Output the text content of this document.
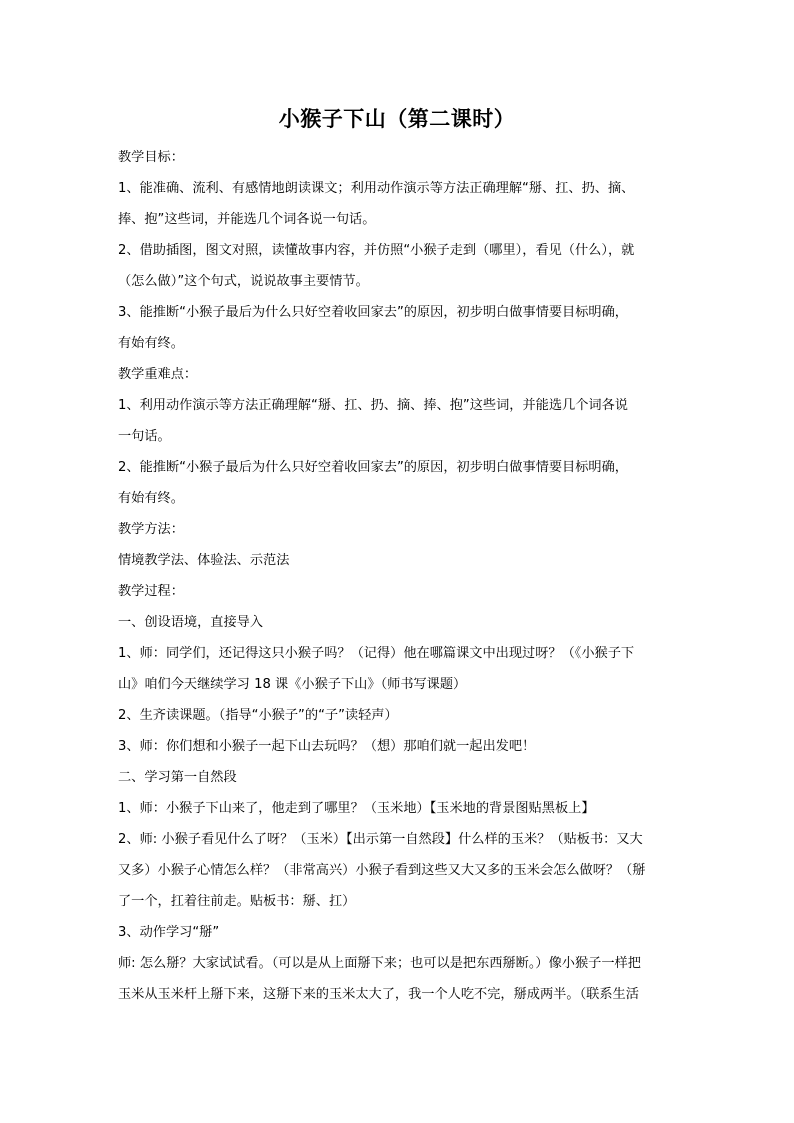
小猴子下山（第二课时）
教学目标：
1、能准确、流利、有感情地朗读课文；利用动作演示等方法正确理解“掰、扛、扔、摘、
捧、抱”这些词，并能选几个词各说一句话。
2、借助插图，图文对照，读懂故事内容，并仿照“小猴子走到（哪里），看见（什么），就
（怎么做）”这个句式，说说故事主要情节。
3、能推断“小猴子最后为什么只好空着收回家去”的原因，初步明白做事情要目标明确，
有始有终。
教学重难点：
1、利用动作演示等方法正确理解“掰、扛、扔、摘、捧、抱”这些词，并能选几个词各说
一句话。
2、能推断“小猴子最后为什么只好空着收回家去”的原因，初步明白做事情要目标明确，
有始有终。
教学方法：
情境教学法、体验法、示范法
教学过程：
一、创设语境，直接导入
1、师：同学们，还记得这只小猴子吗？（记得）他在哪篇课文中出现过呀？（《小猴子下
山》咱们今天继续学习 18 课《小猴子下山》（师书写课题）
2、生齐读课题。（指导“小猴子”的“子”读轻声）
3、师：你们想和小猴子一起下山去玩吗？（想）那咱们就一起出发吧！
二、学习第一自然段
1、师：小猴子下山来了，他走到了哪里？（玉米地）【玉米地的背景图贴黑板上】
2、师: 小猴子看见什么了呀？（玉米）【出示第一自然段】什么样的玉米？（贴板书：又大
又多）小猴子心情怎么样？（非常高兴）小猴子看到这些又大又多的玉米会怎么做呀？（掰
了一个，扛着往前走。贴板书：掰、扛）
3、动作学习“掰”
师: 怎么掰？大家试试看。（可以是从上面掰下来；也可以是把东西掰断。）像小猴子一样把
玉米从玉米杆上掰下来，这掰下来的玉米太大了，我一个人吃不完，掰成两半。（联系生活
